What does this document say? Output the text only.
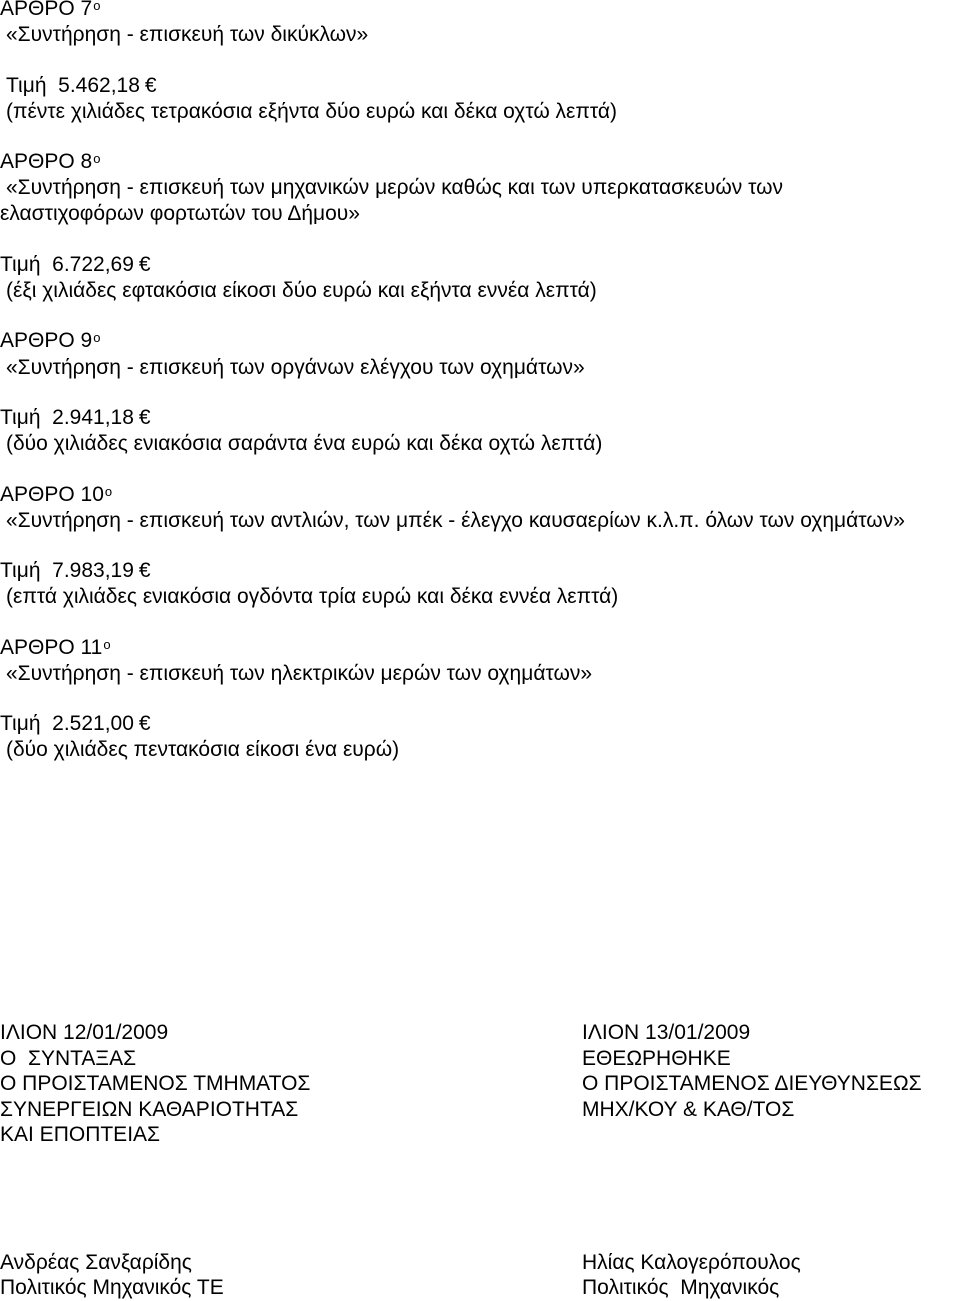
ΑΡΘΡΟ $7^o$
«Συντήρηση - επισκευή των δικύκλων»
Τιμή 5.462,18 €
(πέντε χιλιάδες τετρακόσια εξήντα δύο ευρώ και δέκα οχτώ λεπτά)
ΑΡΘΡΟ $8^o$
«Συντήρηση - επισκευή των μηχανικών μερών καθώς και των υπερκατασκευών των
ελαστιχοφόρων φορτωτών του Δήμου»
Τιμή 6.722,69 €
(έξι χιλιάδες εφτακόσια είκοσι δύο ευρώ και εξήντα εννέα λεπτά)
ΑΡΘΡΟ $9^o$
«Συντήρηση - επισκευή των οργάνων ελέγχου των οχημάτων»
Τιμή 2.941,18 €
(δύο χιλιάδες ενιακόσια σαράντα ένα ευρώ και δέκα οχτώ λεπτά)
ΑΡΘΡΟ $10^o$
«Συντήρηση - επισκευή των αντλιών, των μπέκ - έλεγχο καυσαερίων κ.λ.π. όλων των οχημάτων»
Τιμή 7.983,19 €
(επτά χιλιάδες ενιακόσια ογδόντα τρία ευρώ και δέκα εννέα λεπτά)
ΑΡΘΡΟ $11^o$
«Συντήρηση - επισκευή των ηλεκτρικών μερών των οχημάτων»
Τιμή 2.521,00 €
(δύο χιλιάδες πεντακόσια είκοσι ένα ευρώ)
ΙΛΙΟΝ 12/01/2009
Ο  ΣΥΝΤΑΞΑΣ
Ο ΠΡΟΙΣΤΑΜΕΝΟΣ ΤΜΗΜΑΤΟΣ
ΣΥΝΕΡΓΕΙΩΝ ΚΑΘΑΡΙΟΤΗΤΑΣ
ΚΑΙ ΕΠΟΠΤΕΙΑΣ
Ανδρέας Σανξαρίδης
Πολιτικός Μηχανικός ΤΕ
ΙΛΙΟΝ 13/01/2009
ΕΘΕΩΡΗΘΗΚΕ
Ο ΠΡΟΙΣΤΑΜΕΝΟΣ ΔΙΕΥΘΥΝΣΕΩΣ
ΜΗΧ/ΚΟΥ & ΚΑΘ/ΤΟΣ
Ηλίας Καλογερόπουλος
Πολιτικός  Μηχανικός
